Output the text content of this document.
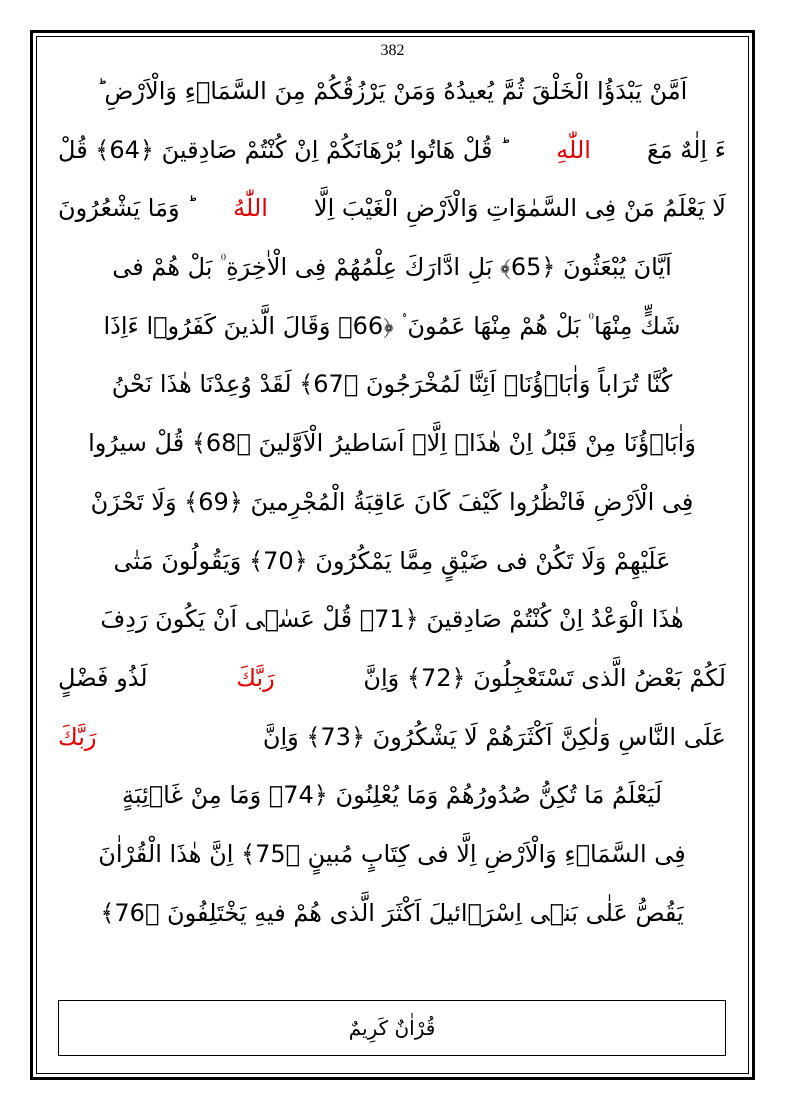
382
اَمَّنْ يَبْدَؤُا الْخَلْقَ ثُمَّ يُعيدُهُ وَمَنْ يَرْزُقُكُمْ مِنَ السَّمَاۤءِ وَالْاَرْضِ ؕ
ءَ اِلٰهٌ مَعَ
اللّٰهِ
ؕ قُلْ هَاتُوا بُرْهَانَكُمْ اِنْ كُنْتُمْ صَادِقينَ ﴿64﴾ قُلْ
لَا يَعْلَمُ مَنْ فِى السَّمٰوَاتِ وَالْاَرْضِ الْغَيْبَ اِلَّا
اللّٰهُ
ؕ وَمَا يَشْعُرُونَ
اَيَّانَ يُبْعَثُونَ ﴿65﴾ بَلِ ادَّارَكَ عِلْمُهُمْ فِى الْاٰخِرَةِ ۠ بَلْ هُمْ فى
شَكٍّ مِنْهَا ۠ بَلْ هُمْ مِنْهَا عَمُونَ ۟ ﴿66﴾ وَقَالَ الَّذينَ كَفَرُوۤا ءَاِذَا
كُنَّا تُرَاباً وَاٰبَاۤؤُنَاۤ اَئِنَّا لَمُخْرَجُونَ ﴿67﴾ لَقَدْ وُعِدْنَا هٰذَا نَحْنُ
وَاٰبَاۤؤُنَا مِنْ قَبْلُ اِنْ هٰذَاۤ اِلَّاۤ اَسَاطيرُ الْاَوَّلينَ ﴿68﴾ قُلْ سيرُوا
فِى الْاَرْضِ فَانْظُرُوا كَيْفَ كَانَ عَاقِبَةُ الْمُجْرِمينَ ﴿69﴾ وَلَا تَحْزَنْ
عَلَيْهِمْ وَلَا تَكُنْ فى ضَيْقٍ مِمَّا يَمْكُرُونَ ﴿70﴾ وَيَقُولُونَ مَتٰى
هٰذَا الْوَعْدُ اِنْ كُنْتُمْ صَادِقينَ ﴿71﴾ قُلْ عَسٰۤى اَنْ يَكُونَ رَدِفَ
لَكُمْ بَعْضُ الَّذى تَسْتَعْجِلُونَ ﴿72﴾ وَاِنَّ
رَبَّكَ
لَذُو فَضْلٍ
عَلَى النَّاسِ وَلٰكِنَّ اَكْثَرَهُمْ لَا يَشْكُرُونَ ﴿73﴾ وَاِنَّ
رَبَّكَ
لَيَعْلَمُ مَا تُكِنُّ صُدُورُهُمْ وَمَا يُعْلِنُونَ ﴿74﴾ وَمَا مِنْ غَاۤئِبَةٍ
فِى السَّمَاۤءِ وَالْاَرْضِ اِلَّا فى كِتَابٍ مُبينٍ ﴿75﴾ اِنَّ هٰذَا الْقُرْاٰنَ
يَقُصُّ عَلٰى بَنۤى اِسْرَۤائيلَ اَكْثَرَ الَّذى هُمْ فيهِ يَخْتَلِفُونَ ﴿76﴾
قُرْاٰنٌ كَرِيمٌ
